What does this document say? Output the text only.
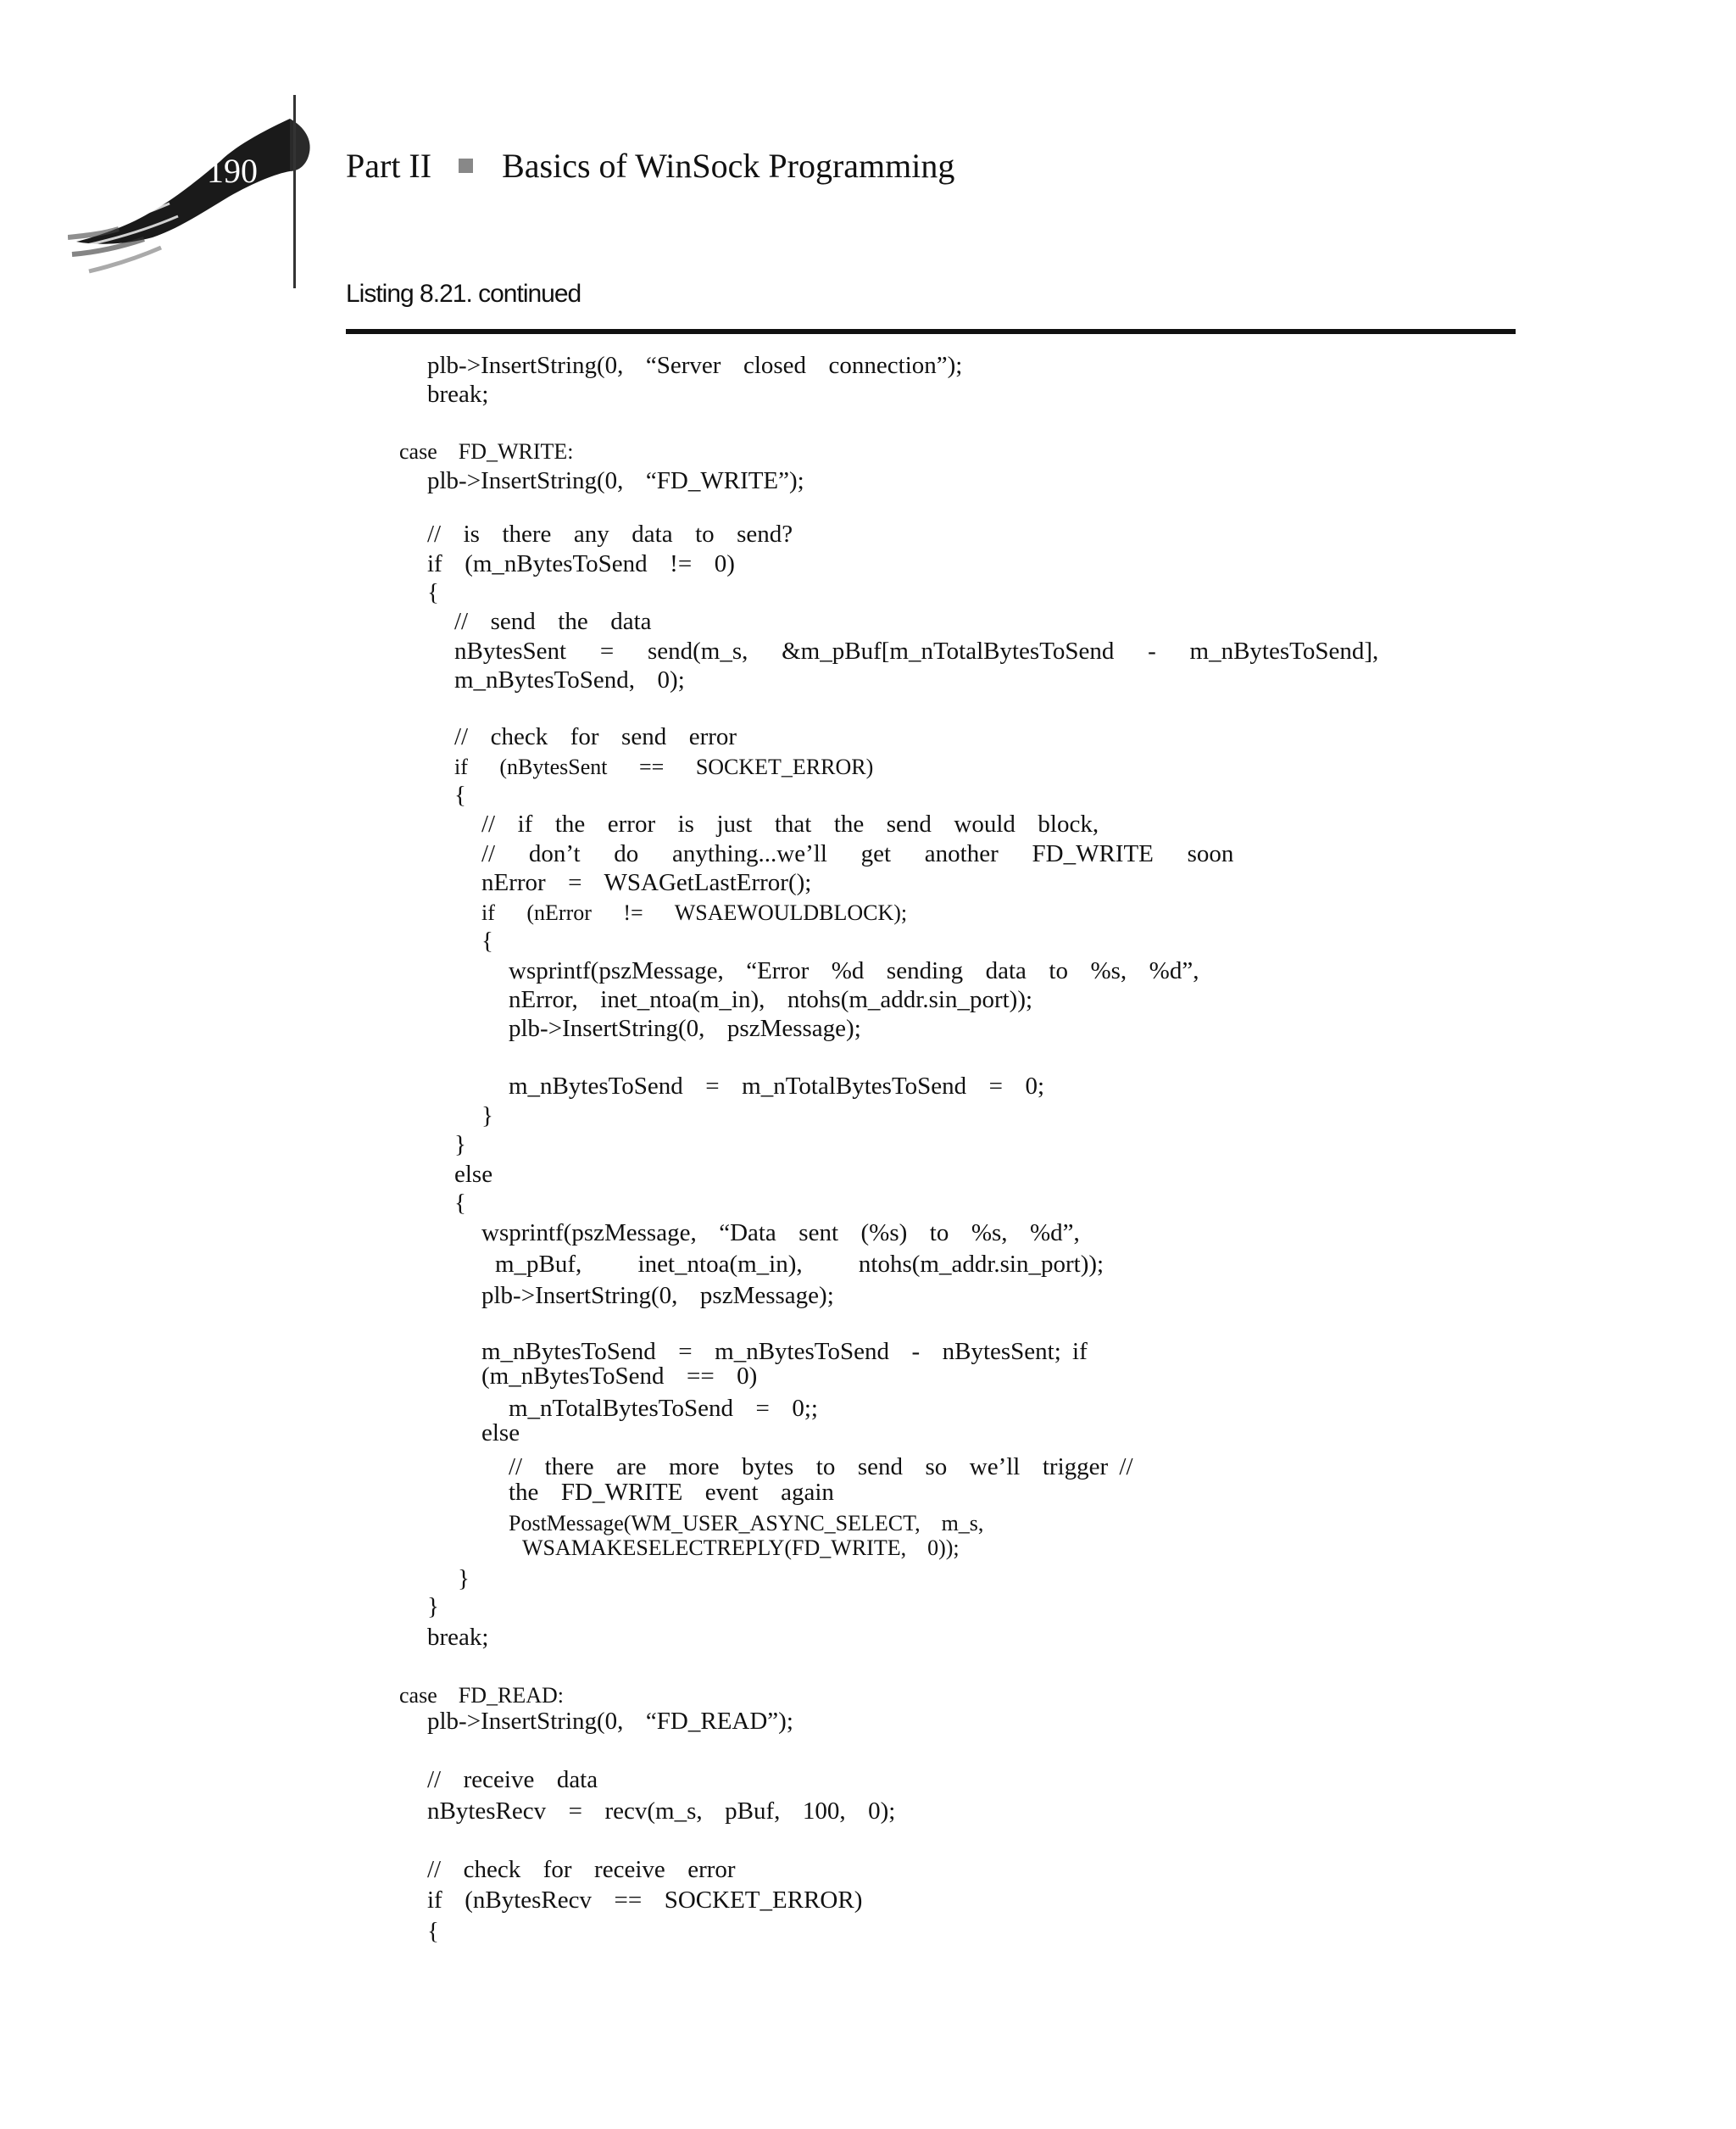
190	Part II Basics of WinSock Programming
Listing 8.21. continued
plb->InsertString(0,  “Server  closed  connection”);
break;
case  FD_WRITE:
plb->InsertString(0,  “FD_WRITE”);
//  is  there  any  data  to  send?
if  (m_nBytesToSend  !=  0)
{
//  send  the  data
nBytesSent   =   send(m_s,   &m_pBuf[m_nTotalBytesToSend   -   m_nBytesToSend],
m_nBytesToSend,  0);
//  check  for  send  error
if   (nBytesSent   ==   SOCKET_ERROR)
{
//  if  the  error  is  just  that  the  send  would  block,
//   don’t   do   anything...we’ll   get   another   FD_WRITE   soon
nError  =  WSAGetLastError();
if   (nError   !=   WSAEWOULDBLOCK);
{
wsprintf(pszMessage,  “Error  %d  sending  data  to  %s,  %d”,
nError,  inet_ntoa(m_in),  ntohs(m_addr.sin_port));
plb->InsertString(0,  pszMessage);
m_nBytesToSend  =  m_nTotalBytesToSend  =  0;
}
}
else
{
wsprintf(pszMessage,  “Data  sent  (%s)  to  %s,  %d”,
m_pBuf,     inet_ntoa(m_in),     ntohs(m_addr.sin_port));
plb->InsertString(0,  pszMessage);
m_nBytesToSend  =  m_nBytesToSend  -  nBytesSent; if
(m_nBytesToSend  ==  0)
m_nTotalBytesToSend  =  0;;
else
//  there  are  more  bytes  to  send  so  we’ll  trigger //
the  FD_WRITE  event  again
PostMessage(WM_USER_ASYNC_SELECT,  m_s,
WSAMAKESELECTREPLY(FD_WRITE,  0));
}
}
break;
case  FD_READ:
plb->InsertString(0,  “FD_READ”);
//  receive  data
nBytesRecv  =  recv(m_s,  pBuf,  100,  0);
//  check  for  receive  error
if  (nBytesRecv  ==  SOCKET_ERROR)
{
